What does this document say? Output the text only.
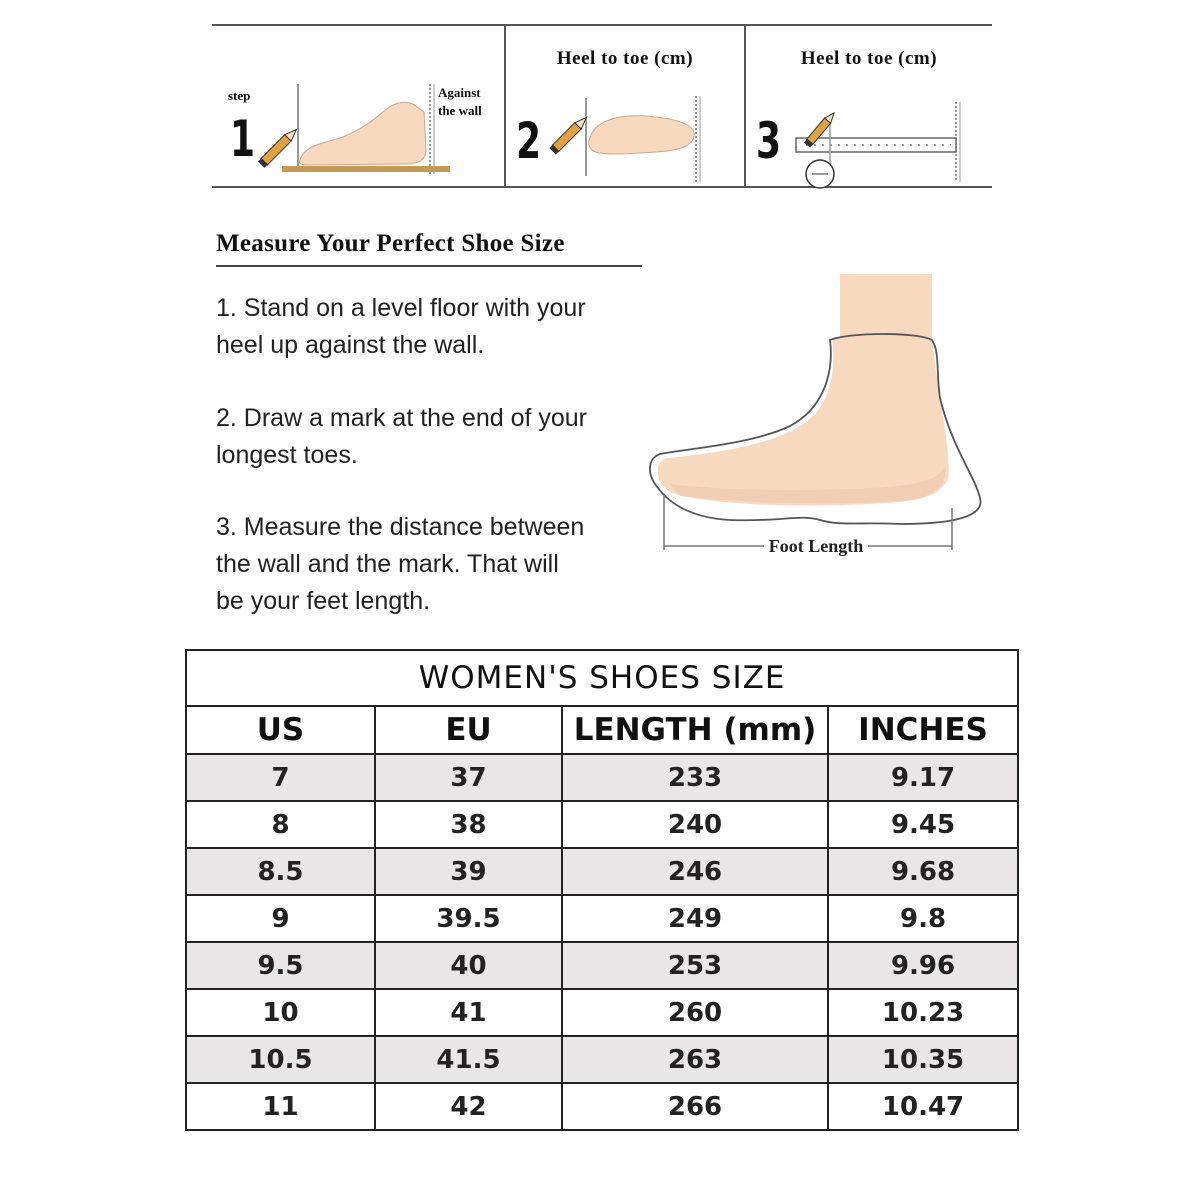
step
1
Against
the wall
Heel to toe (cm)
2
Heel to toe (cm)
3
Measure Your Perfect Shoe Size
1. Stand on a level floor with your
heel up against the wall.
2. Draw a mark at the end of your
longest toes.
3. Measure the distance between
the wall and the mark. That will
be your feet length.
Foot Length
WOMEN'S SHOES SIZE			
US	EU	LENGTH (mm)	INCHES
7	37	233	9.17
8	38	240	9.45
8.5	39	246	9.68
9	39.5	249	9.8
9.5	40	253	9.96
10	41	260	10.23
10.5	41.5	263	10.35
11	42	266	10.47
